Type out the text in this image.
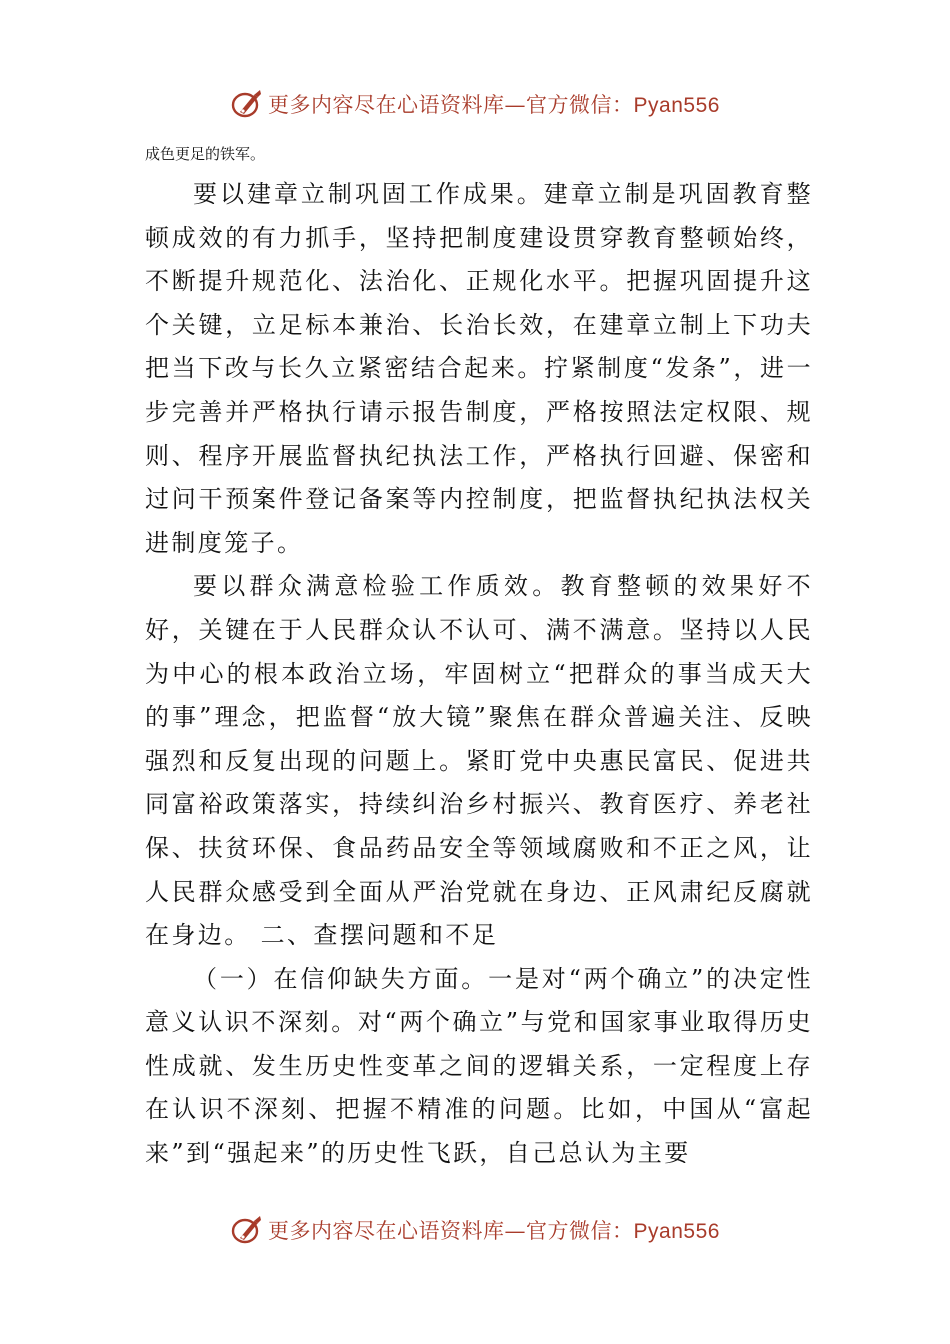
更多内容尽在心语资料库—官方微信：Pyan556

成色更足的铁军。

要以建章立制巩固工作成果。建章立制是巩固教育整顿成效的有力抓手，坚持把制度建设贯穿教育整顿始终，不断提升规范化、法治化、正规化水平。把握巩固提升这个关键，立足标本兼治、长治长效，在建章立制上下功夫把当下改与长久立紧密结合起来。拧紧制度“发条”，进一步完善并严格执行请示报告制度，严格按照法定权限、规则、程序开展监督执纪执法工作，严格执行回避、保密和过问干预案件登记备案等内控制度，把监督执纪执法权关进制度笼子。

要以群众满意检验工作质效。教育整顿的效果好不好，关键在于人民群众认不认可、满不满意。坚持以人民为中心的根本政治立场，牢固树立“把群众的事当成天大的事”理念，把监督“放大镜”聚焦在群众普遍关注、反映强烈和反复出现的问题上。紧盯党中央惠民富民、促进共同富裕政策落实，持续纠治乡村振兴、教育医疗、养老社保、扶贫环保、食品药品安全等领域腐败和不正之风，让人民群众感受到全面从严治党就在身边、正风肃纪反腐就在身边。 二、查摆问题和不足

（一）在信仰缺失方面。一是对“两个确立”的决定性意义认识不深刻。对“两个确立”与党和国家事业取得历史性成就、发生历史性变革之间的逻辑关系，一定程度上存在认识不深刻、把握不精准的问题。比如，中国从“富起来”到“强起来”的历史性飞跃，自己总认为主要

更多内容尽在心语资料库—官方微信：Pyan556
